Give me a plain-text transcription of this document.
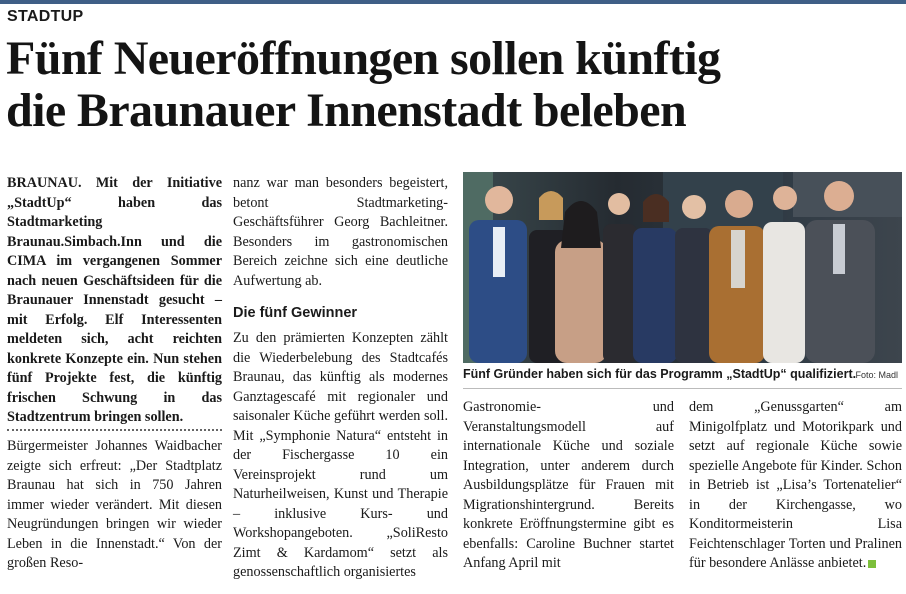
STADTUP
Fünf Neueröffnungen sollen künftig
die Braunauer Innenstadt beleben
BRAUNAU. Mit der Initiative „StadtUp“ haben das Stadtmarketing Braunau.Simbach.Inn und die CIMA im vergangenen Sommer nach neuen Geschäftsideen für die Braunauer Innenstadt gesucht – mit Erfolg. Elf Interessenten meldeten sich, acht reichten konkrete Konzepte ein. Nun stehen fünf Projekte fest, die künftig frischen Schwung in das Stadtzentrum bringen sollen.
Bürgermeister Johannes Waidbacher zeigte sich erfreut: „Der Stadtplatz Braunau hat sich in 750 Jahren immer wieder verändert. Mit diesen Neugründungen bringen wir wieder Leben in die Innenstadt.“ Von der großen Reso-
nanz war man besonders begeistert, betont Stadtmarketing-Geschäftsführer Georg Bachleitner. Besonders im gastronomischen Bereich zeichne sich eine deutliche Aufwertung ab.
Die fünf Gewinner
Zu den prämierten Konzepten zählt die Wiederbelebung des Stadtcafés Braunau, das künftig als modernes Ganztagescafé mit regionaler und saisonaler Küche geführt werden soll. Mit „Symphonie Natura“ entsteht in der Fischergasse 10 ein Vereinsprojekt rund um Naturheilweisen, Kunst und Therapie – inklusive Kurs- und Workshopangeboten. „SoliResto Zimt & Kardamom“ setzt als genossenschaftlich organisiertes
Fünf Gründer haben sich für das Programm „StadtUp“ qualifiziert. Foto: Madl
Gastronomie- und Veranstaltungsmodell auf internationale Küche und soziale Integration, unter anderem durch Ausbildungsplätze für Frauen mit Migrationshintergrund. Bereits konkrete Eröffnungstermine gibt es ebenfalls: Caroline Buchner startet Anfang April mit
dem „Genussgarten“ am Minigolfplatz und Motorikpark und setzt auf regionale Küche sowie spezielle Angebote für Kinder. Schon in Betrieb ist „Lisa’s Tortenatelier“ in der Kirchengasse, wo Konditormeisterin Lisa Feichtenschlager Torten und Pralinen für besondere Anlässe anbietet.
